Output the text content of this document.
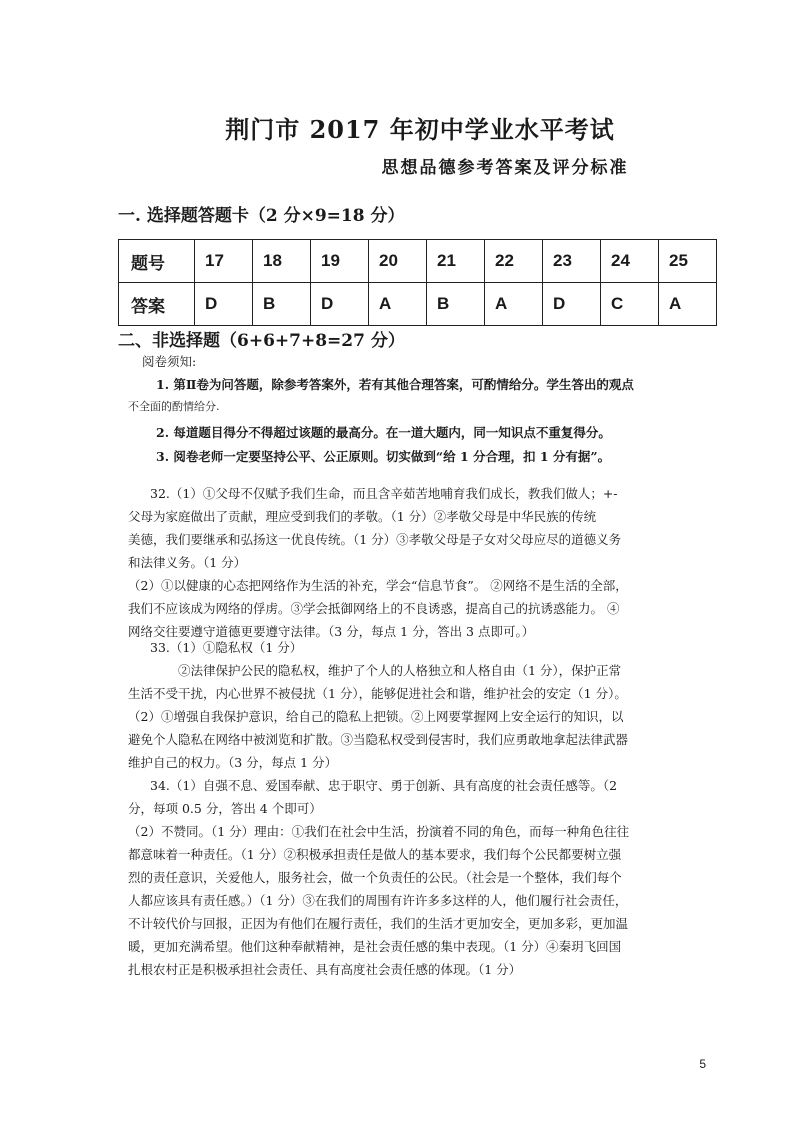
荆门市 2017 年初中学业水平考试
思想品德参考答案及评分标准
一. 选择题答题卡（2 分×9=18 分）
题号	17	18	19	20	21	22	23	24	25
答案	D	B	D	A	B	A	D	C	A
二、非选择题（6+6+7+8=27 分）
阅卷须知:
1. 第Ⅱ卷为问答题，除参考答案外，若有其他合理答案，可酌情给分。学生答出的观点
不全面的酌情给分.
2. 每道题目得分不得超过该题的最高分。在一道大题内，同一知识点不重复得分。
3. 阅卷老师一定要坚持公平、公正原则。切实做到“给 1 分合理，扣 1 分有据”。
32.（1）①父母不仅赋予我们生命，而且含辛茹苦地哺育我们成长，教我们做人；+-
父母为家庭做出了贡献，理应受到我们的孝敬。（1 分）②孝敬父母是中华民族的传统
美德，我们要继承和弘扬这一优良传统。（1 分）③孝敬父母是子女对父母应尽的道德义务
和法律义务。（1 分）
（2）①以健康的心态把网络作为生活的补充，学会“信息节食”。 ②网络不是生活的全部，
我们不应该成为网络的俘虏。③学会抵御网络上的不良诱惑，提高自己的抗诱惑能力。 ④
网络交往要遵守道德更要遵守法律。（3 分，每点 1 分，答出 3 点即可。）
33.（1）①隐私权（1 分）
②法律保护公民的隐私权，维护了个人的人格独立和人格自由（1 分），保护正常
生活不受干扰，内心世界不被侵扰（1 分），能够促进社会和谐，维护社会的安定（1 分）。
（2）①增强自我保护意识，给自己的隐私上把锁。②上网要掌握网上安全运行的知识，以
避免个人隐私在网络中被浏览和扩散。③当隐私权受到侵害时，我们应勇敢地拿起法律武器
维护自己的权力。（3 分，每点 1 分）
34.（1）自强不息、爱国奉献、忠于职守、勇于创新、具有高度的社会责任感等。（2
分，每项 0.5 分，答出 4 个即可）
（2）不赞同。（1 分）理由：①我们在社会中生活，扮演着不同的角色，而每一种角色往往
都意味着一种责任。（1 分）②积极承担责任是做人的基本要求，我们每个公民都要树立强
烈的责任意识，关爱他人，服务社会，做一个负责任的公民。（社会是一个整体，我们每个
人都应该具有责任感。）（1 分）③在我们的周围有许许多多这样的人，他们履行社会责任，
不计较代价与回报，正因为有他们在履行责任，我们的生活才更加安全，更加多彩，更加温
暖，更加充满希望。他们这种奉献精神，是社会责任感的集中表现。（1 分）④秦玥飞回国
扎根农村正是积极承担社会责任、具有高度社会责任感的体现。（1 分）
5
